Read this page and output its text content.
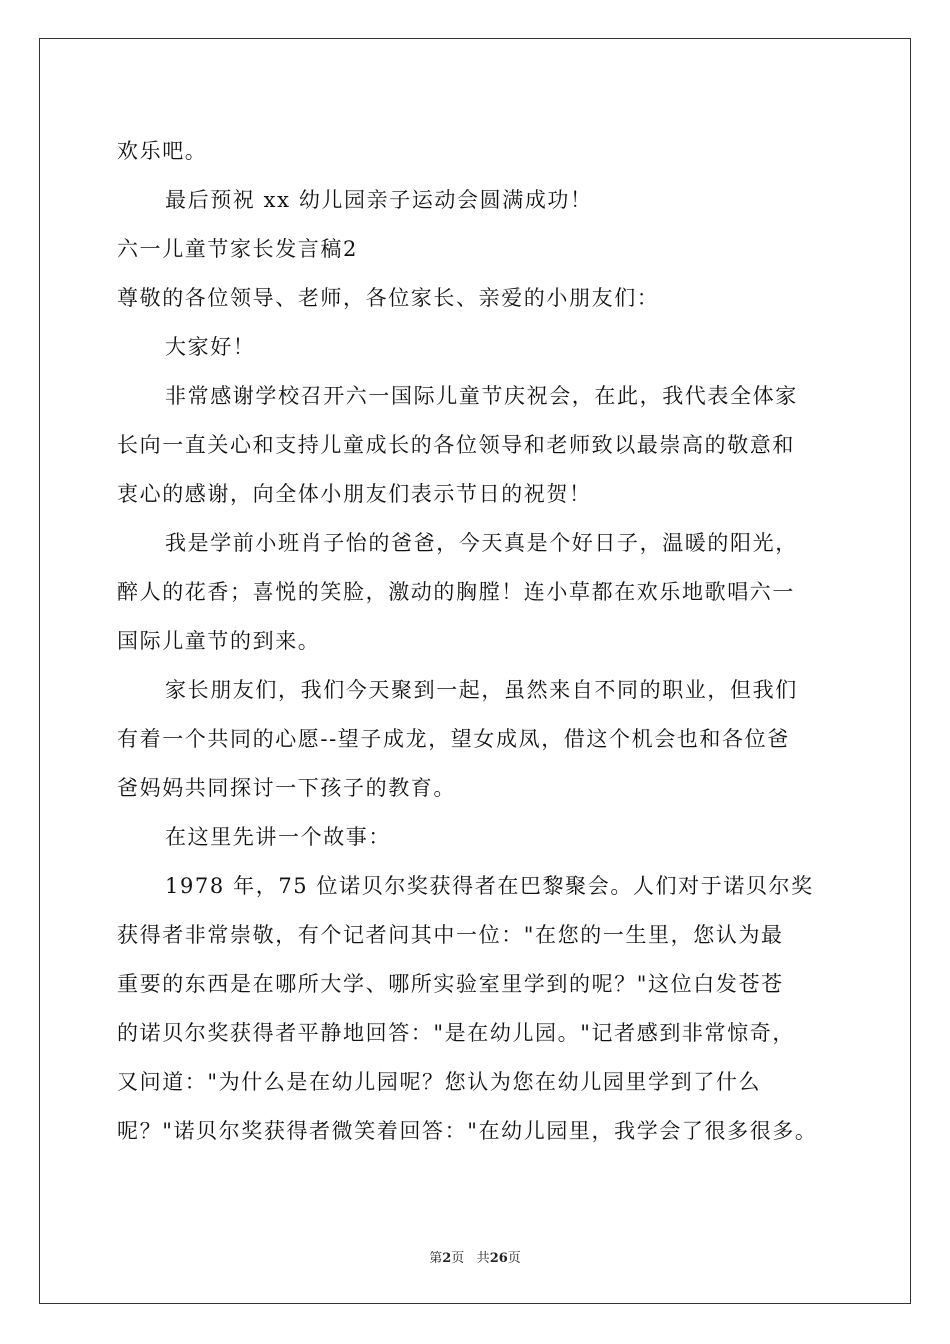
欢乐吧。
最后预祝 xx 幼儿园亲子运动会圆满成功！
六一儿童节家长发言稿2
尊敬的各位领导、老师，各位家长、亲爱的小朋友们：
大家好！
非常感谢学校召开六一国际儿童节庆祝会，在此，我代表全体家
长向一直关心和支持儿童成长的各位领导和老师致以最崇高的敬意和
衷心的感谢，向全体小朋友们表示节日的祝贺！
我是学前小班肖子怡的爸爸，今天真是个好日子，温暖的阳光，
醉人的花香；喜悦的笑脸，激动的胸膛！连小草都在欢乐地歌唱六一
国际儿童节的到来。
家长朋友们，我们今天聚到一起，虽然来自不同的职业，但我们
有着一个共同的心愿--望子成龙，望女成凤，借这个机会也和各位爸
爸妈妈共同探讨一下孩子的教育。
在这里先讲一个故事：
1978 年，75 位诺贝尔奖获得者在巴黎聚会。人们对于诺贝尔奖
获得者非常崇敬，有个记者问其中一位："在您的一生里，您认为最
重要的东西是在哪所大学、哪所实验室里学到的呢？"这位白发苍苍
的诺贝尔奖获得者平静地回答："是在幼儿园。"记者感到非常惊奇，
又问道："为什么是在幼儿园呢？您认为您在幼儿园里学到了什么
呢？"诺贝尔奖获得者微笑着回答："在幼儿园里，我学会了很多很多。
第2页 共26页
